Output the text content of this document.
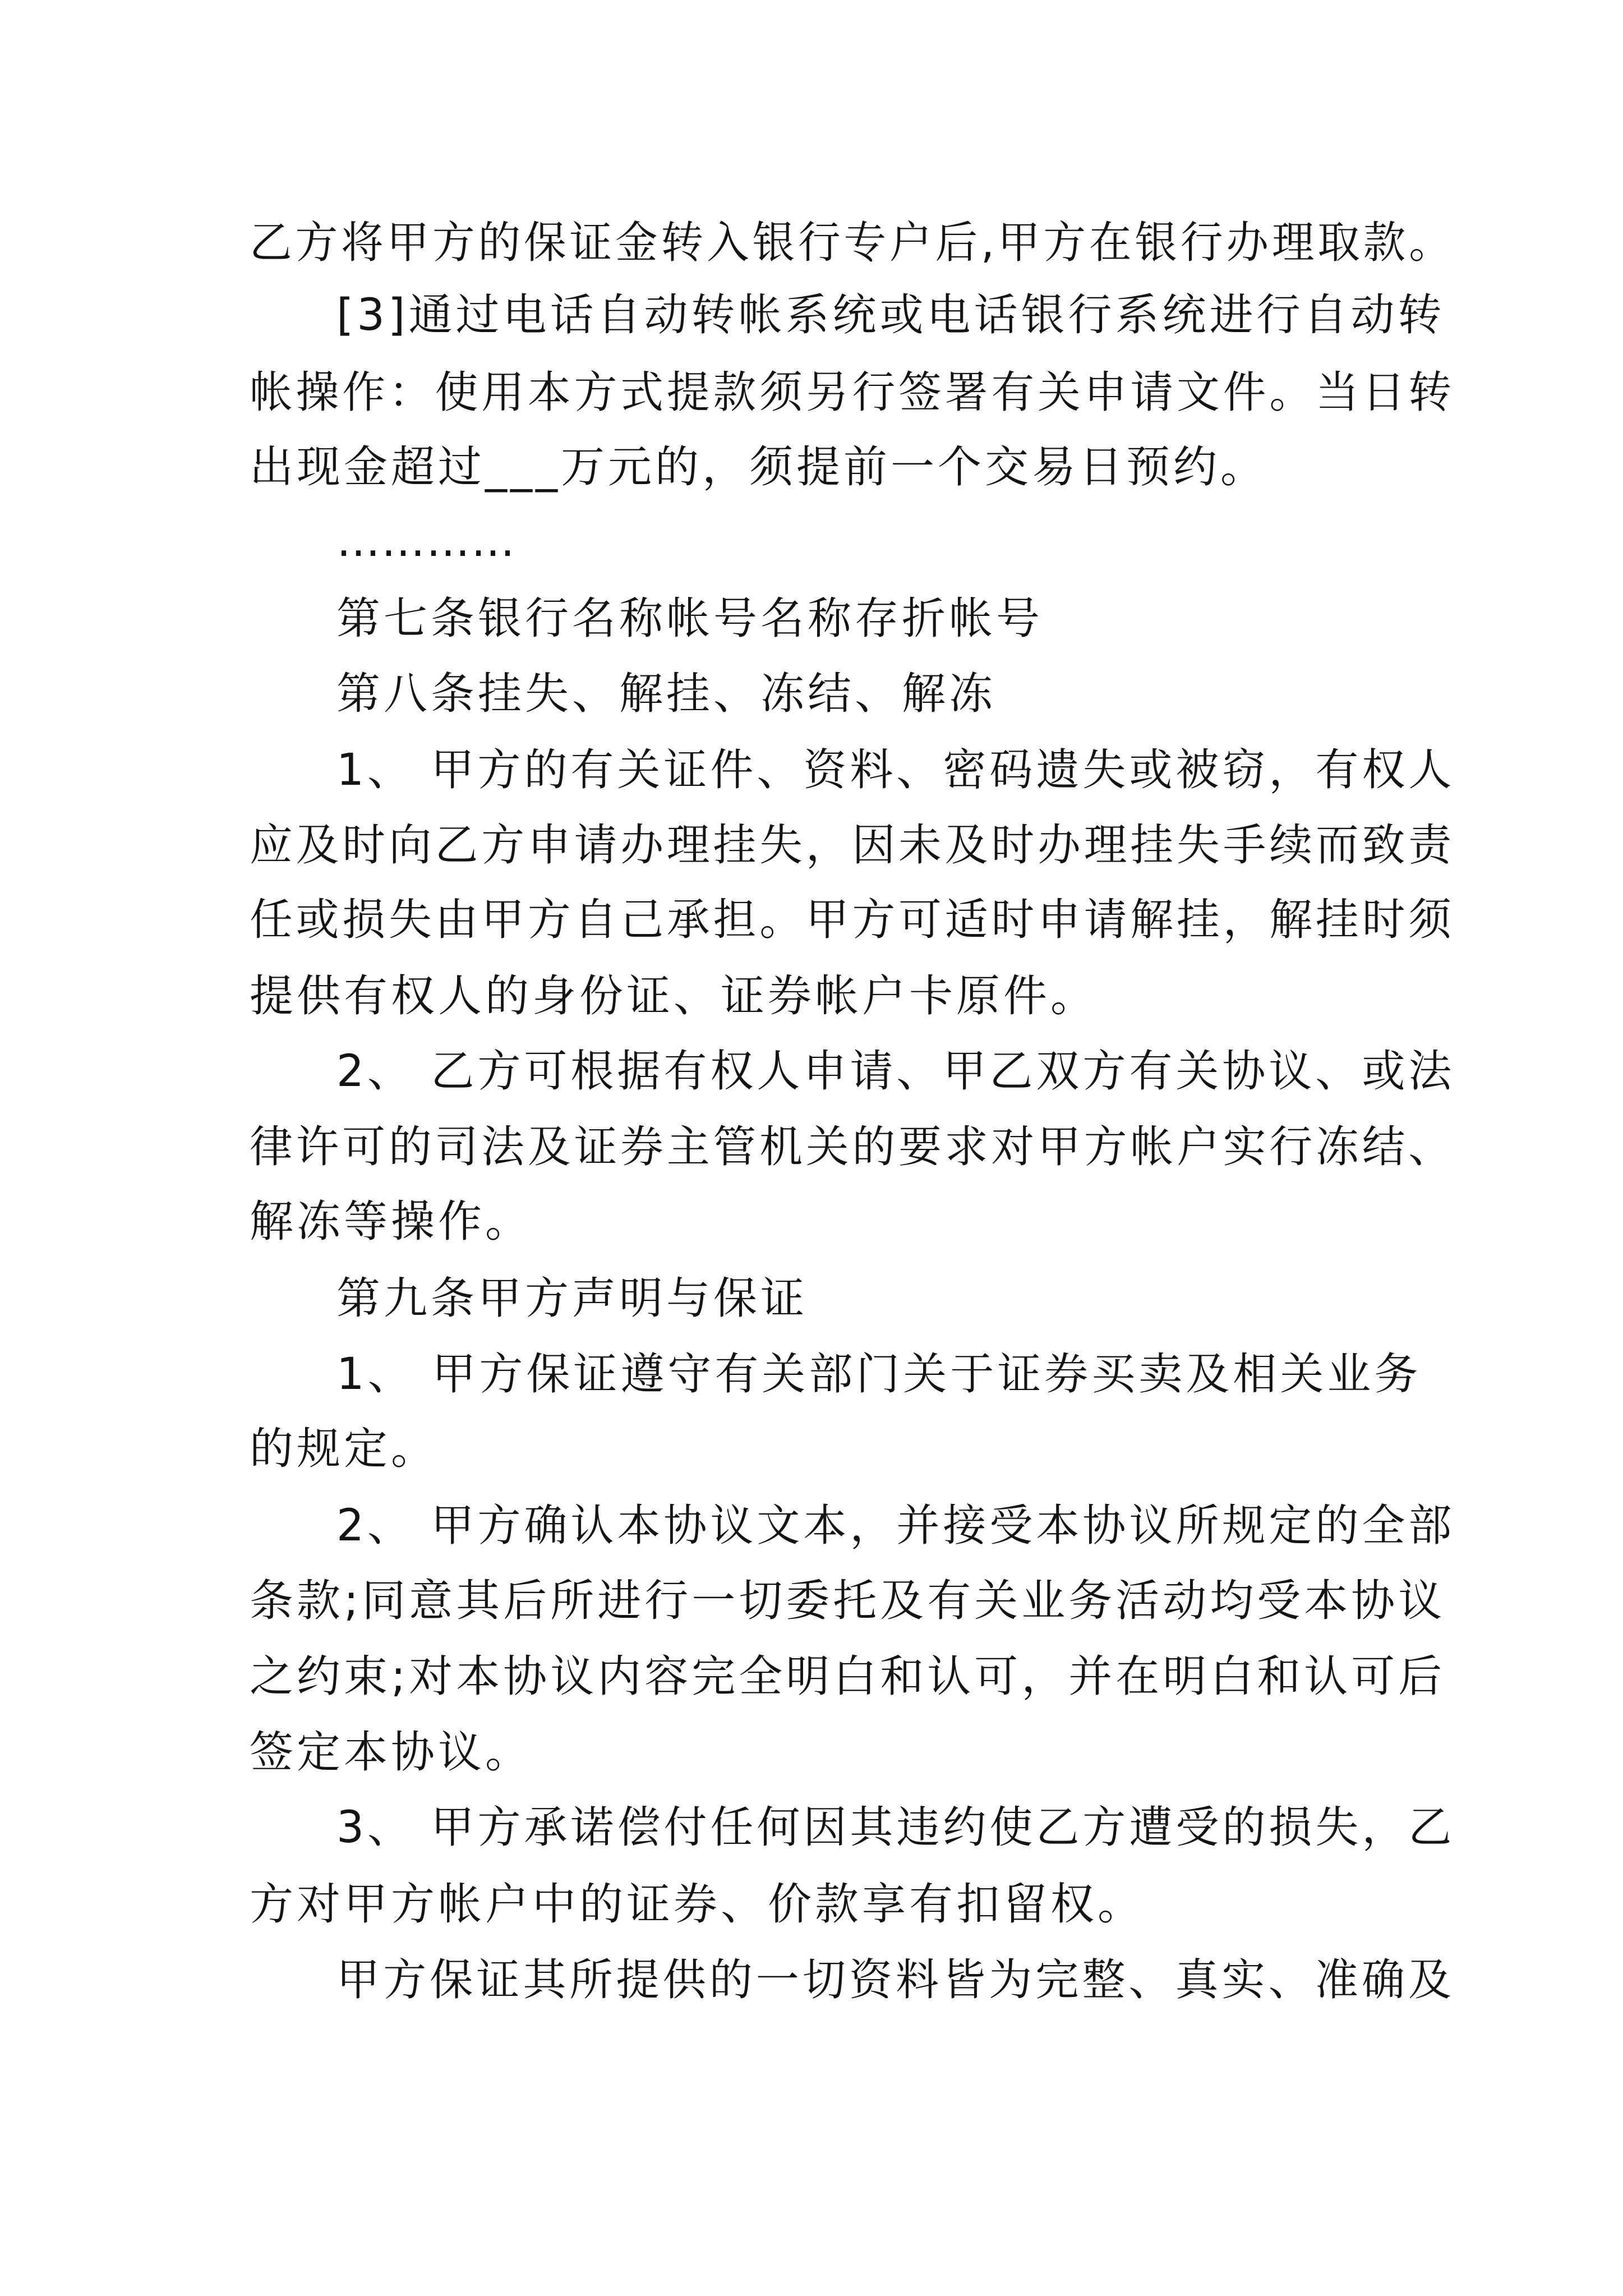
乙方将甲方的保证金转入银行专户后,甲方在银行办理取款。
[3]通过电话自动转帐系统或电话银行系统进行自动转
帐操作：使用本方式提款须另行签署有关申请文件。当日转
出现金超过___万元的，须提前一个交易日预约。
…………
第七条银行名称帐号名称存折帐号
第八条挂失、解挂、冻结、解冻
1、 甲方的有关证件、资料、密码遗失或被窃，有权人
应及时向乙方申请办理挂失，因未及时办理挂失手续而致责
任或损失由甲方自己承担。甲方可适时申请解挂，解挂时须
提供有权人的身份证、证券帐户卡原件。
2、 乙方可根据有权人申请、甲乙双方有关协议、或法
律许可的司法及证券主管机关的要求对甲方帐户实行冻结、
解冻等操作。
第九条甲方声明与保证
1、 甲方保证遵守有关部门关于证券买卖及相关业务
的规定。
2、 甲方确认本协议文本，并接受本协议所规定的全部
条款;同意其后所进行一切委托及有关业务活动均受本协议
之约束;对本协议内容完全明白和认可，并在明白和认可后
签定本协议。
3、 甲方承诺偿付任何因其违约使乙方遭受的损失，乙
方对甲方帐户中的证券、价款享有扣留权。
甲方保证其所提供的一切资料皆为完整、真实、准确及
